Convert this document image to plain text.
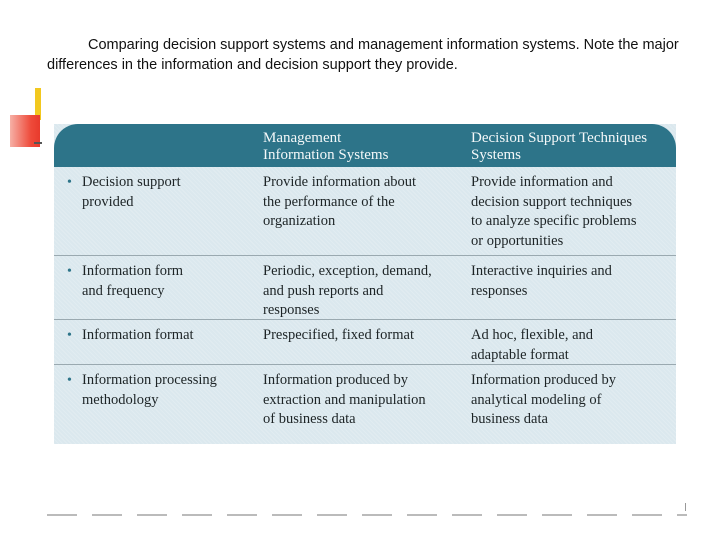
Comparing decision support systems and management information systems. Note the major differences in the information and decision support they provide.
Management
Information Systems
Decision Support Techniques
Systems
• Decision support
provided
Provide information about
the performance of the
organization
Provide information and
decision support techniques
to analyze specific problems
or opportunities
• Information form
and frequency
Periodic, exception, demand,
and push reports and
responses
Interactive inquiries and
responses
• Information format	Prespecified, fixed format	Ad hoc, flexible, and
adaptable format
• Information processing
methodology
Information produced by
extraction and manipulation
of business data
Information produced by
analytical modeling of
business data
